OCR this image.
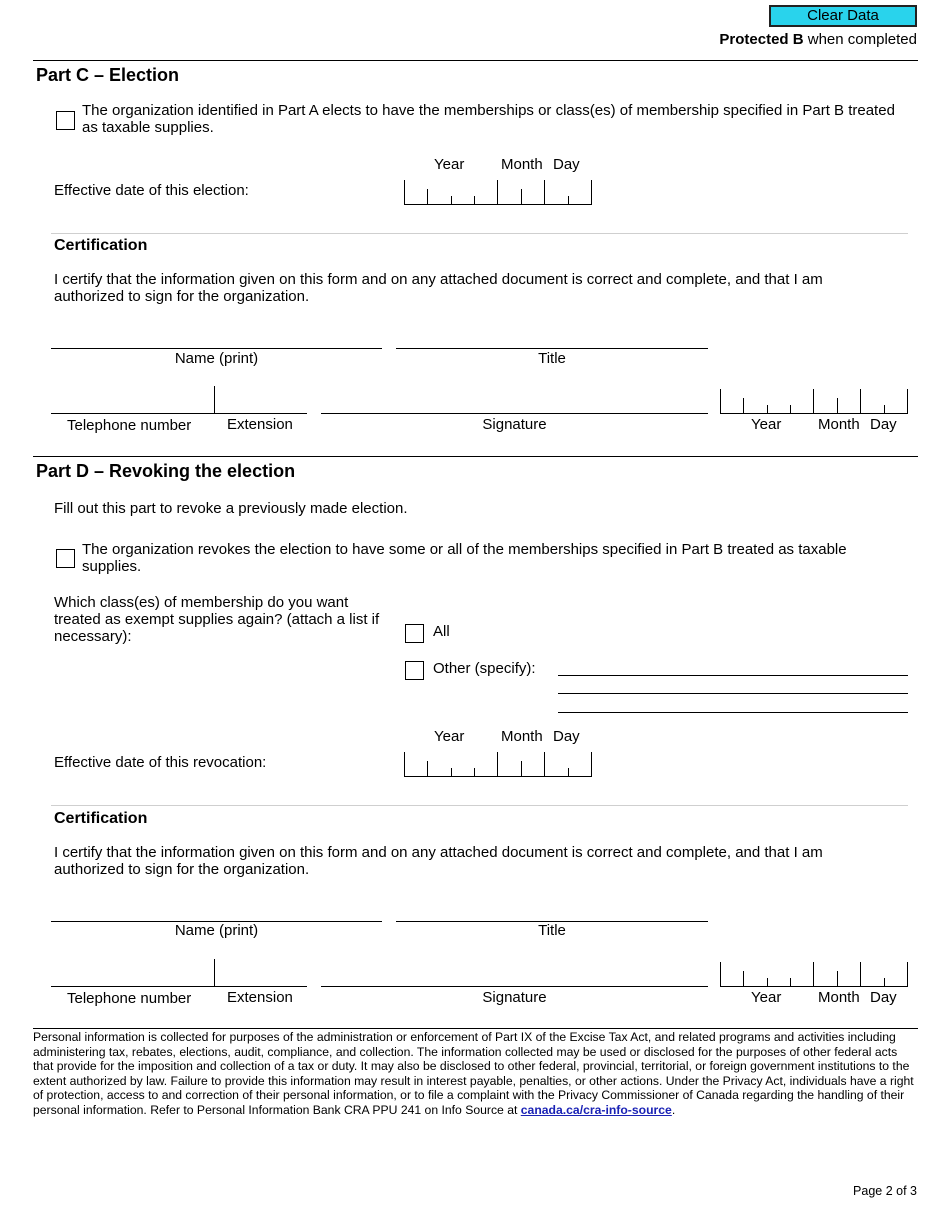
Clear Data
Protected B when completed
Part C – Election
The organization identified in Part A elects to have the memberships or class(es) of membership specified in Part B treated as taxable supplies.
Year Month Day
Effective date of this election:
Certification
I certify that the information given on this form and on any attached document is correct and complete, and that I am authorized to sign for the organization.
Name (print)	Title
Telephone number Extension	Signature	Year Month Day
Part D – Revoking the election
Fill out this part to revoke a previously made election.
The organization revokes the election to have some or all of the memberships specified in Part B treated as taxable supplies.
Which class(es) of membership do you want treated as exempt supplies again? (attach a list if necessary):	All
Other (specify):
Year Month Day
Effective date of this revocation:
Certification
I certify that the information given on this form and on any attached document is correct and complete, and that I am authorized to sign for the organization.
Name (print)	Title
Telephone number Extension	Signature	Year Month Day
Personal information is collected for purposes of the administration or enforcement of Part IX of the Excise Tax Act, and related programs and activities including administering tax, rebates, elections, audit, compliance, and collection. The information collected may be used or disclosed for the purposes of other federal acts that provide for the imposition and collection of a tax or duty. It may also be disclosed to other federal, provincial, territorial, or foreign government institutions to the extent authorized by law. Failure to provide this information may result in interest payable, penalties, or other actions. Under the Privacy Act, individuals have a right of protection, access to and correction of their personal information, or to file a complaint with the Privacy Commissioner of Canada regarding the handling of their personal information. Refer to Personal Information Bank CRA PPU 241 on Info Source at canada.ca/cra-info-source.
Page 2 of 3
